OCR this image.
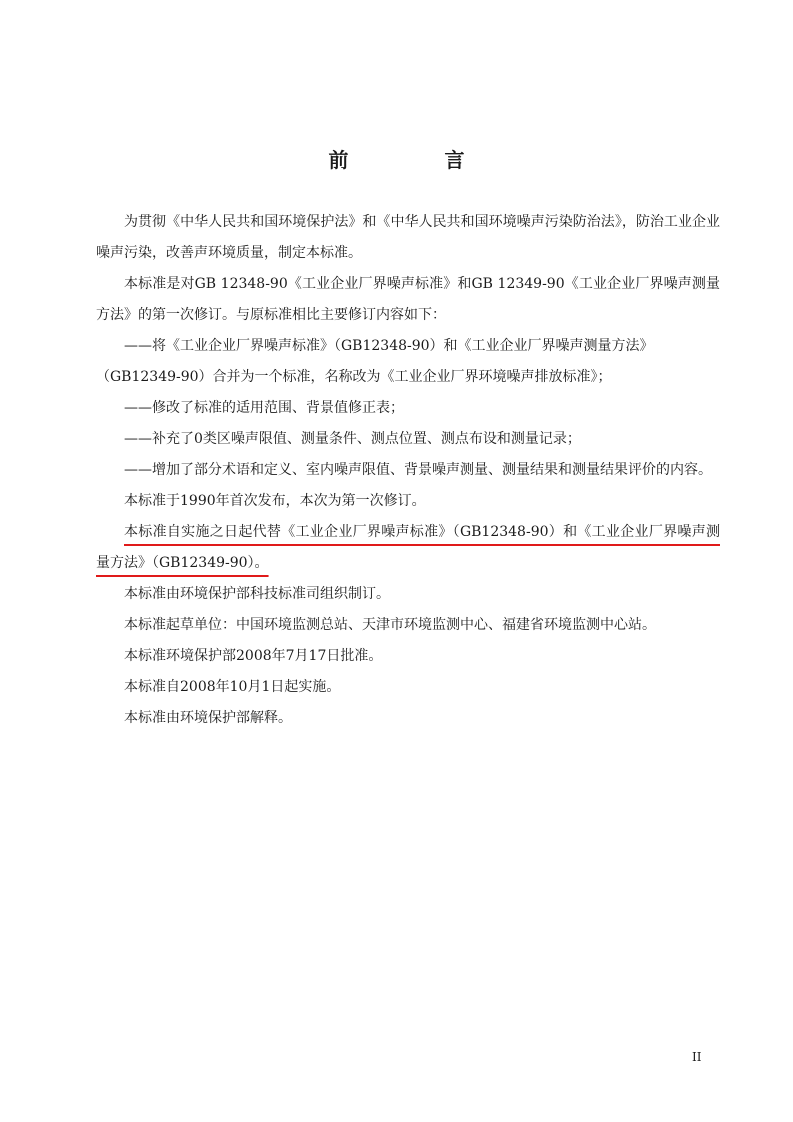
前　言

为贯彻《中华人民共和国环境保护法》和《中华人民共和国环境噪声污染防治法》，防治工业企业噪声污染，改善声环境质量，制定本标准。

本标准是对GB 12348-90《工业企业厂界噪声标准》和GB 12349-90《工业企业厂界噪声测量方法》的第一次修订。与原标准相比主要修订内容如下：

——将《工业企业厂界噪声标准》（GB12348-90）和《工业企业厂界噪声测量方法》（GB12349-90）合并为一个标准，名称改为《工业企业厂界环境噪声排放标准》；

——修改了标准的适用范围、背景值修正表；

——补充了0类区噪声限值、测量条件、测点位置、测点布设和测量记录；

——增加了部分术语和定义、室内噪声限值、背景噪声测量、测量结果和测量结果评价的内容。

本标准于1990年首次发布，本次为第一次修订。

本标准自实施之日起代替《工业企业厂界噪声标准》（GB12348-90）和《工业企业厂界噪声测量方法》（GB12349-90）。

本标准由环境保护部科技标准司组织制订。

本标准起草单位：中国环境监测总站、天津市环境监测中心、福建省环境监测中心站。

本标准环境保护部2008年7月17日批准。

本标准自2008年10月1日起实施。

本标准由环境保护部解释。

II
